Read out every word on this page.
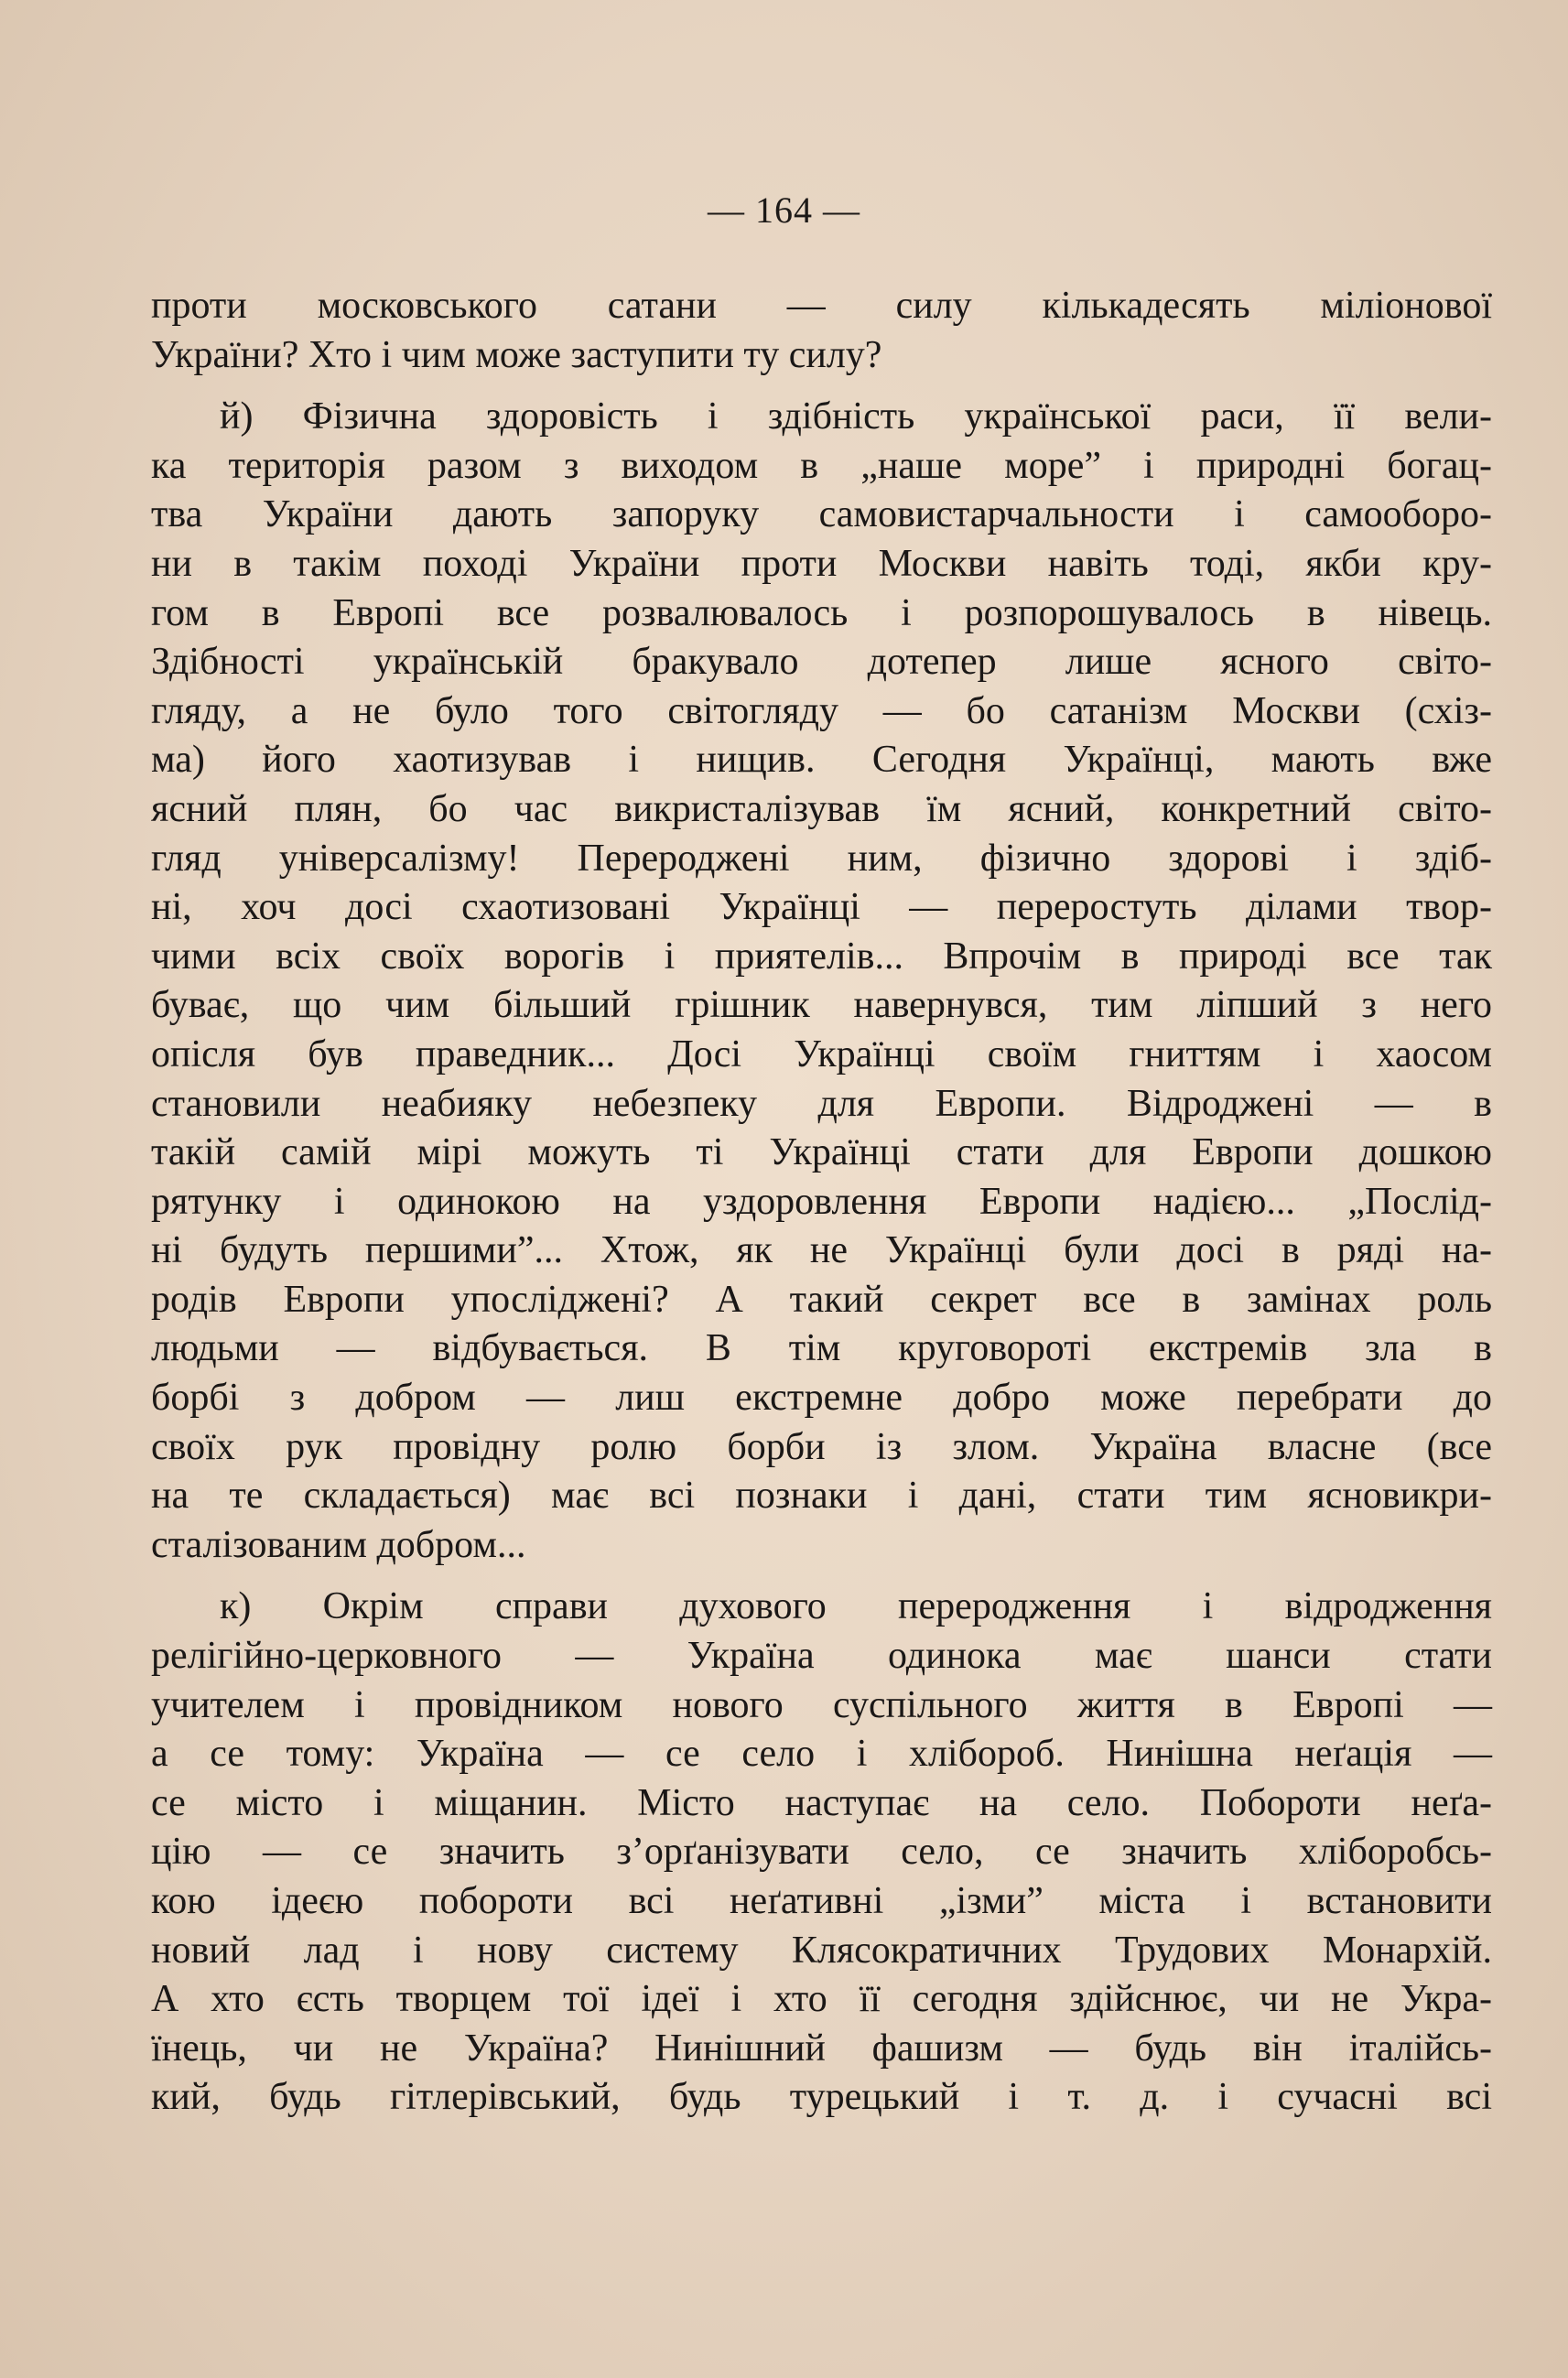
— 164 —
проти московського сатани — силу кількадесять міліонової
України? Хто і чим може заступити ту силу?
й) Фізична здоровість і здібність української раси, її вели-
ка територія разом з виходом в „наше море” і природні богац-
тва України дають запоруку самовистарчальности і самооборо-
ни в такім поході України проти Москви навіть тоді, якби кру-
гом в Европі все розвалювалось і розпорошувалось в нівець.
Здібності українській бракувало дотепер лише ясного світо-
гляду, а не було того світогляду — бо сатанізм Москви (схіз-
ма) його хаотизував і нищив. Сегодня Українці, мають вже
ясний плян, бо час викристалізував їм ясний, конкретний світо-
гляд універсалізму! Переродженi ним, фізично здорові і здіб-
ні, хоч досі схаотизовані Українці — переростуть ділами твор-
чими всіх своїх ворогів і приятелів... Впрочім в природі все так
буває, що чим більший грішник навернувся, тим ліпший з него
опісля був праведник... Досі Українці своїм гниттям і хаосом
становили неабияку небезпеку для Европи. Відроджені — в
такій самій мірі можуть ті Українці стати для Европи дошкою
рятунку і одинокою на уздоровлення Европи надією... „Послід-
ні будуть першими”... Хтож, як не Українці були досі в ряді на-
родів Европи упосліджені? А такий секрет все в замінах роль
людьми — відбувається. В тім круговороті екстремів зла в
борбі з добром — лиш екстремне добро може перебрати до
своїх рук провідну ролю борби із злом. Україна власне (все
на те складається) має всі познаки і дані, стати тим ясновикри-
сталізованим добром...
к) Окрім справи духового переродження і відродження
релігійно-церковного — Україна одинока має шанси стати
учителем і провідником нового суспільного життя в Европі —
а се тому: Україна — се село і хлібороб. Нинішна неґація —
се місто і міщанин. Місто наступає на село. Побороти неґа-
цію — се значить з’орґанізувати село, се значить хліборобсь-
кою ідеєю побороти всі неґативні „ізми” міста і встановити
новий лад і нову систему Клясократичних Трудових Монархій.
А хто єсть творцем тої ідеї і хто її сегодня здійснює, чи не Укра-
їнець, чи не Україна? Нинішний фашизм — будь він італійсь-
кий, будь гітлерівський, будь турецький і т. д. і сучасні всі
